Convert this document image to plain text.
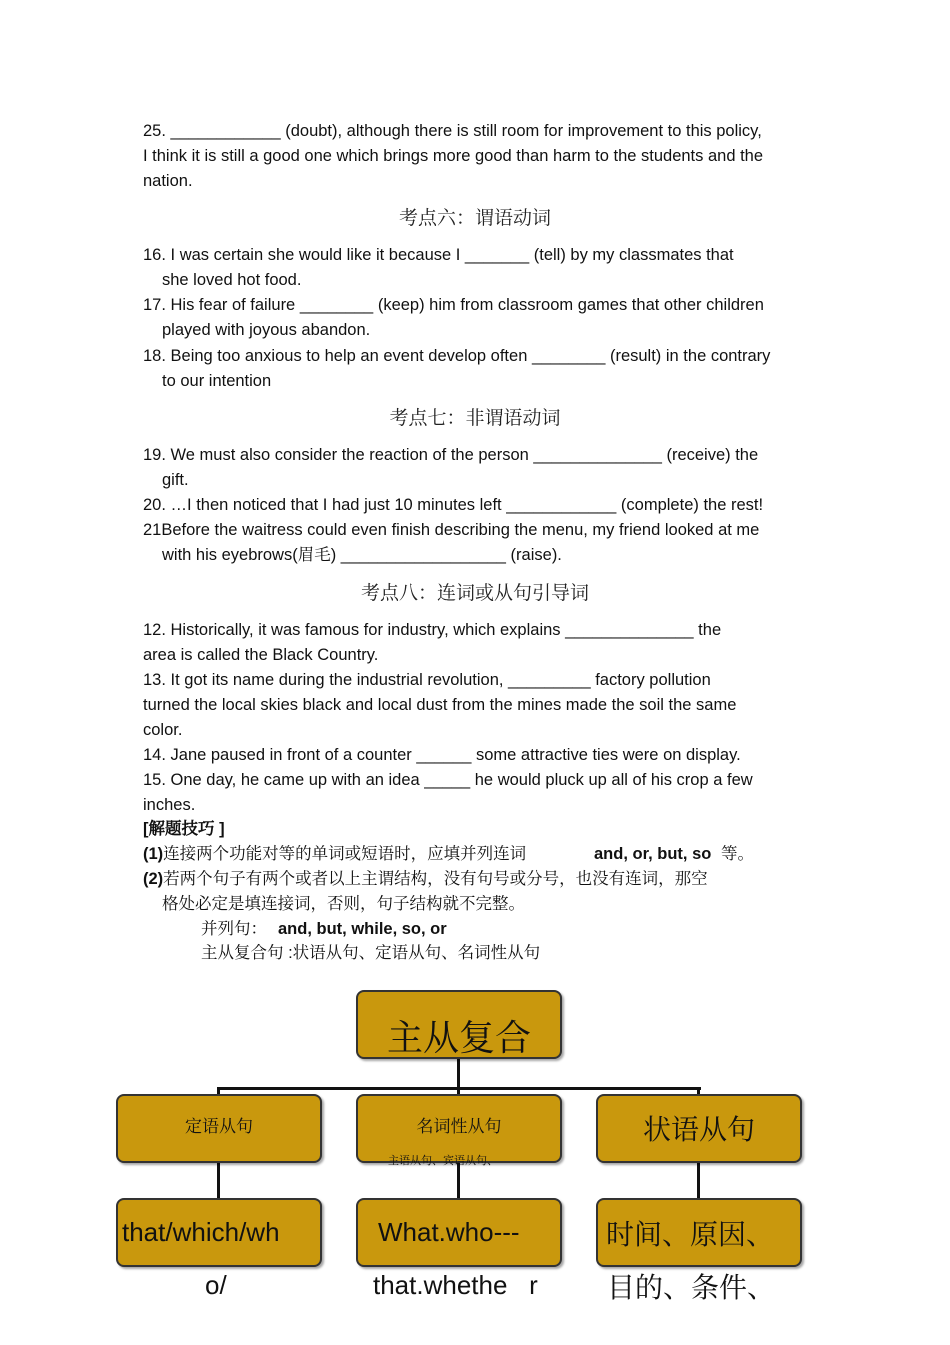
25. ____________ (doubt), although there is still room for improvement to this policy,
I think it is still a good one which brings more good than harm to the students and the
nation.
考点六：谓语动词
16. I was certain she would like it because I _______ (tell) by my classmates that
she loved hot food.
17. His fear of failure ________ (keep) him from classroom games that other children
played with joyous abandon.
18. Being too anxious to help an event develop often ________ (result) in the contrary
to our intention
考点七：非谓语动词
19. We must also consider the reaction of the person ______________ (receive) the
gift.
20. …I then noticed that I had just 10 minutes left ____________ (complete) the rest!
21Before the waitress could even finish describing the menu, my friend looked at me
with his eyebrows(眉毛) __________________ (raise).
考点八：连词或从句引导词
12. Historically, it was famous for industry, which explains ______________ the
area is called the Black Country.
13. It got its name during the industrial revolution, _________ factory pollution
turned the local skies black and local dust from the mines made the soil the same
color.
14. Jane paused in front of a counter ______ some attractive ties were on display.
15. One day, he came up with an idea _____ he would pluck up all of his crop a few
inches.
[解题技巧 ]
(1)连接两个功能对等的单词或短语时，应填并列连词	and, or, but, so 等。
(2)若两个句子有两个或者以上主谓结构，没有句号或分号，也没有连词，那空
格处必定是填连接词，否则，句子结构就不完整。
并列句： and, but, while, so, or
主从复合句 :状语从句、定语从句、名词性从句
主从复合
定语从句	名词性从句
主语从句、宾语从句、
状语从句
that/which/wh	What.who---	时间、原因、
o/	that.whethe   r 目的、条件、
